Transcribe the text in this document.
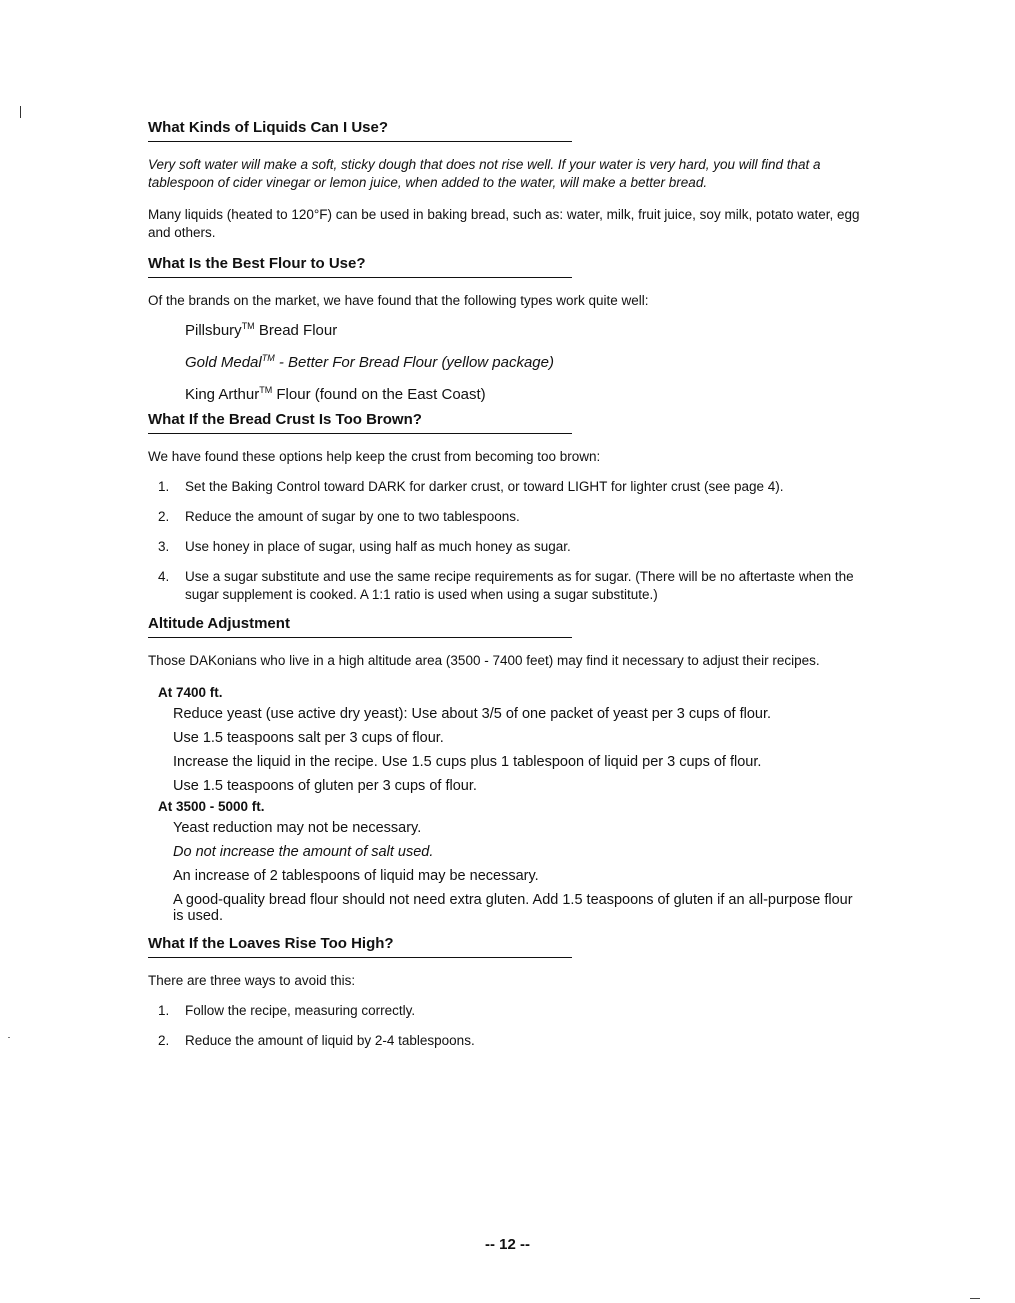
What Kinds of Liquids Can I Use?

Very soft water will make a soft, sticky dough that does not rise well. If your water is very hard, you will find that a tablespoon of cider vinegar or lemon juice, when added to the water, will make a better bread.

Many liquids (heated to 120°F) can be used in baking bread, such as: water, milk, fruit juice, soy milk, potato water, egg and others.

What Is the Best Flour to Use?

Of the brands on the market, we have found that the following types work quite well:

Pillsbury™ Bread Flour
Gold Medal™ - Better For Bread Flour (yellow package)
King Arthur™ Flour (found on the East Coast)
What If the Bread Crust Is Too Brown?

We have found these options help keep the crust from becoming too brown:

1. Set the Baking Control toward DARK for darker crust, or toward LIGHT for lighter crust (see page 4).
2. Reduce the amount of sugar by one to two tablespoons.
3. Use honey in place of sugar, using half as much honey as sugar.
4. Use a sugar substitute and use the same recipe requirements as for sugar. (There will be no aftertaste when the sugar supplement is cooked. A 1:1 ratio is used when using a sugar substitute.)
Altitude Adjustment

Those DAKonians who live in a high altitude area (3500 - 7400 feet) may find it necessary to adjust their recipes.

At 7400 ft.
Reduce yeast (use active dry yeast): Use about 3/5 of one packet of yeast per 3 cups of flour.
Use 1.5 teaspoons salt per 3 cups of flour.
Increase the liquid in the recipe. Use 1.5 cups plus 1 tablespoon of liquid per 3 cups of flour.
Use 1.5 teaspoons of gluten per 3 cups of flour.
At 3500 - 5000 ft.
Yeast reduction may not be necessary.
Do not increase the amount of salt used.
An increase of 2 tablespoons of liquid may be necessary.
A good-quality bread flour should not need extra gluten. Add 1.5 teaspoons of gluten if an all-purpose flour is used.
What If the Loaves Rise Too High?

There are three ways to avoid this:

1. Follow the recipe, measuring correctly.
2. Reduce the amount of liquid by 2-4 tablespoons.
-- 12 --
